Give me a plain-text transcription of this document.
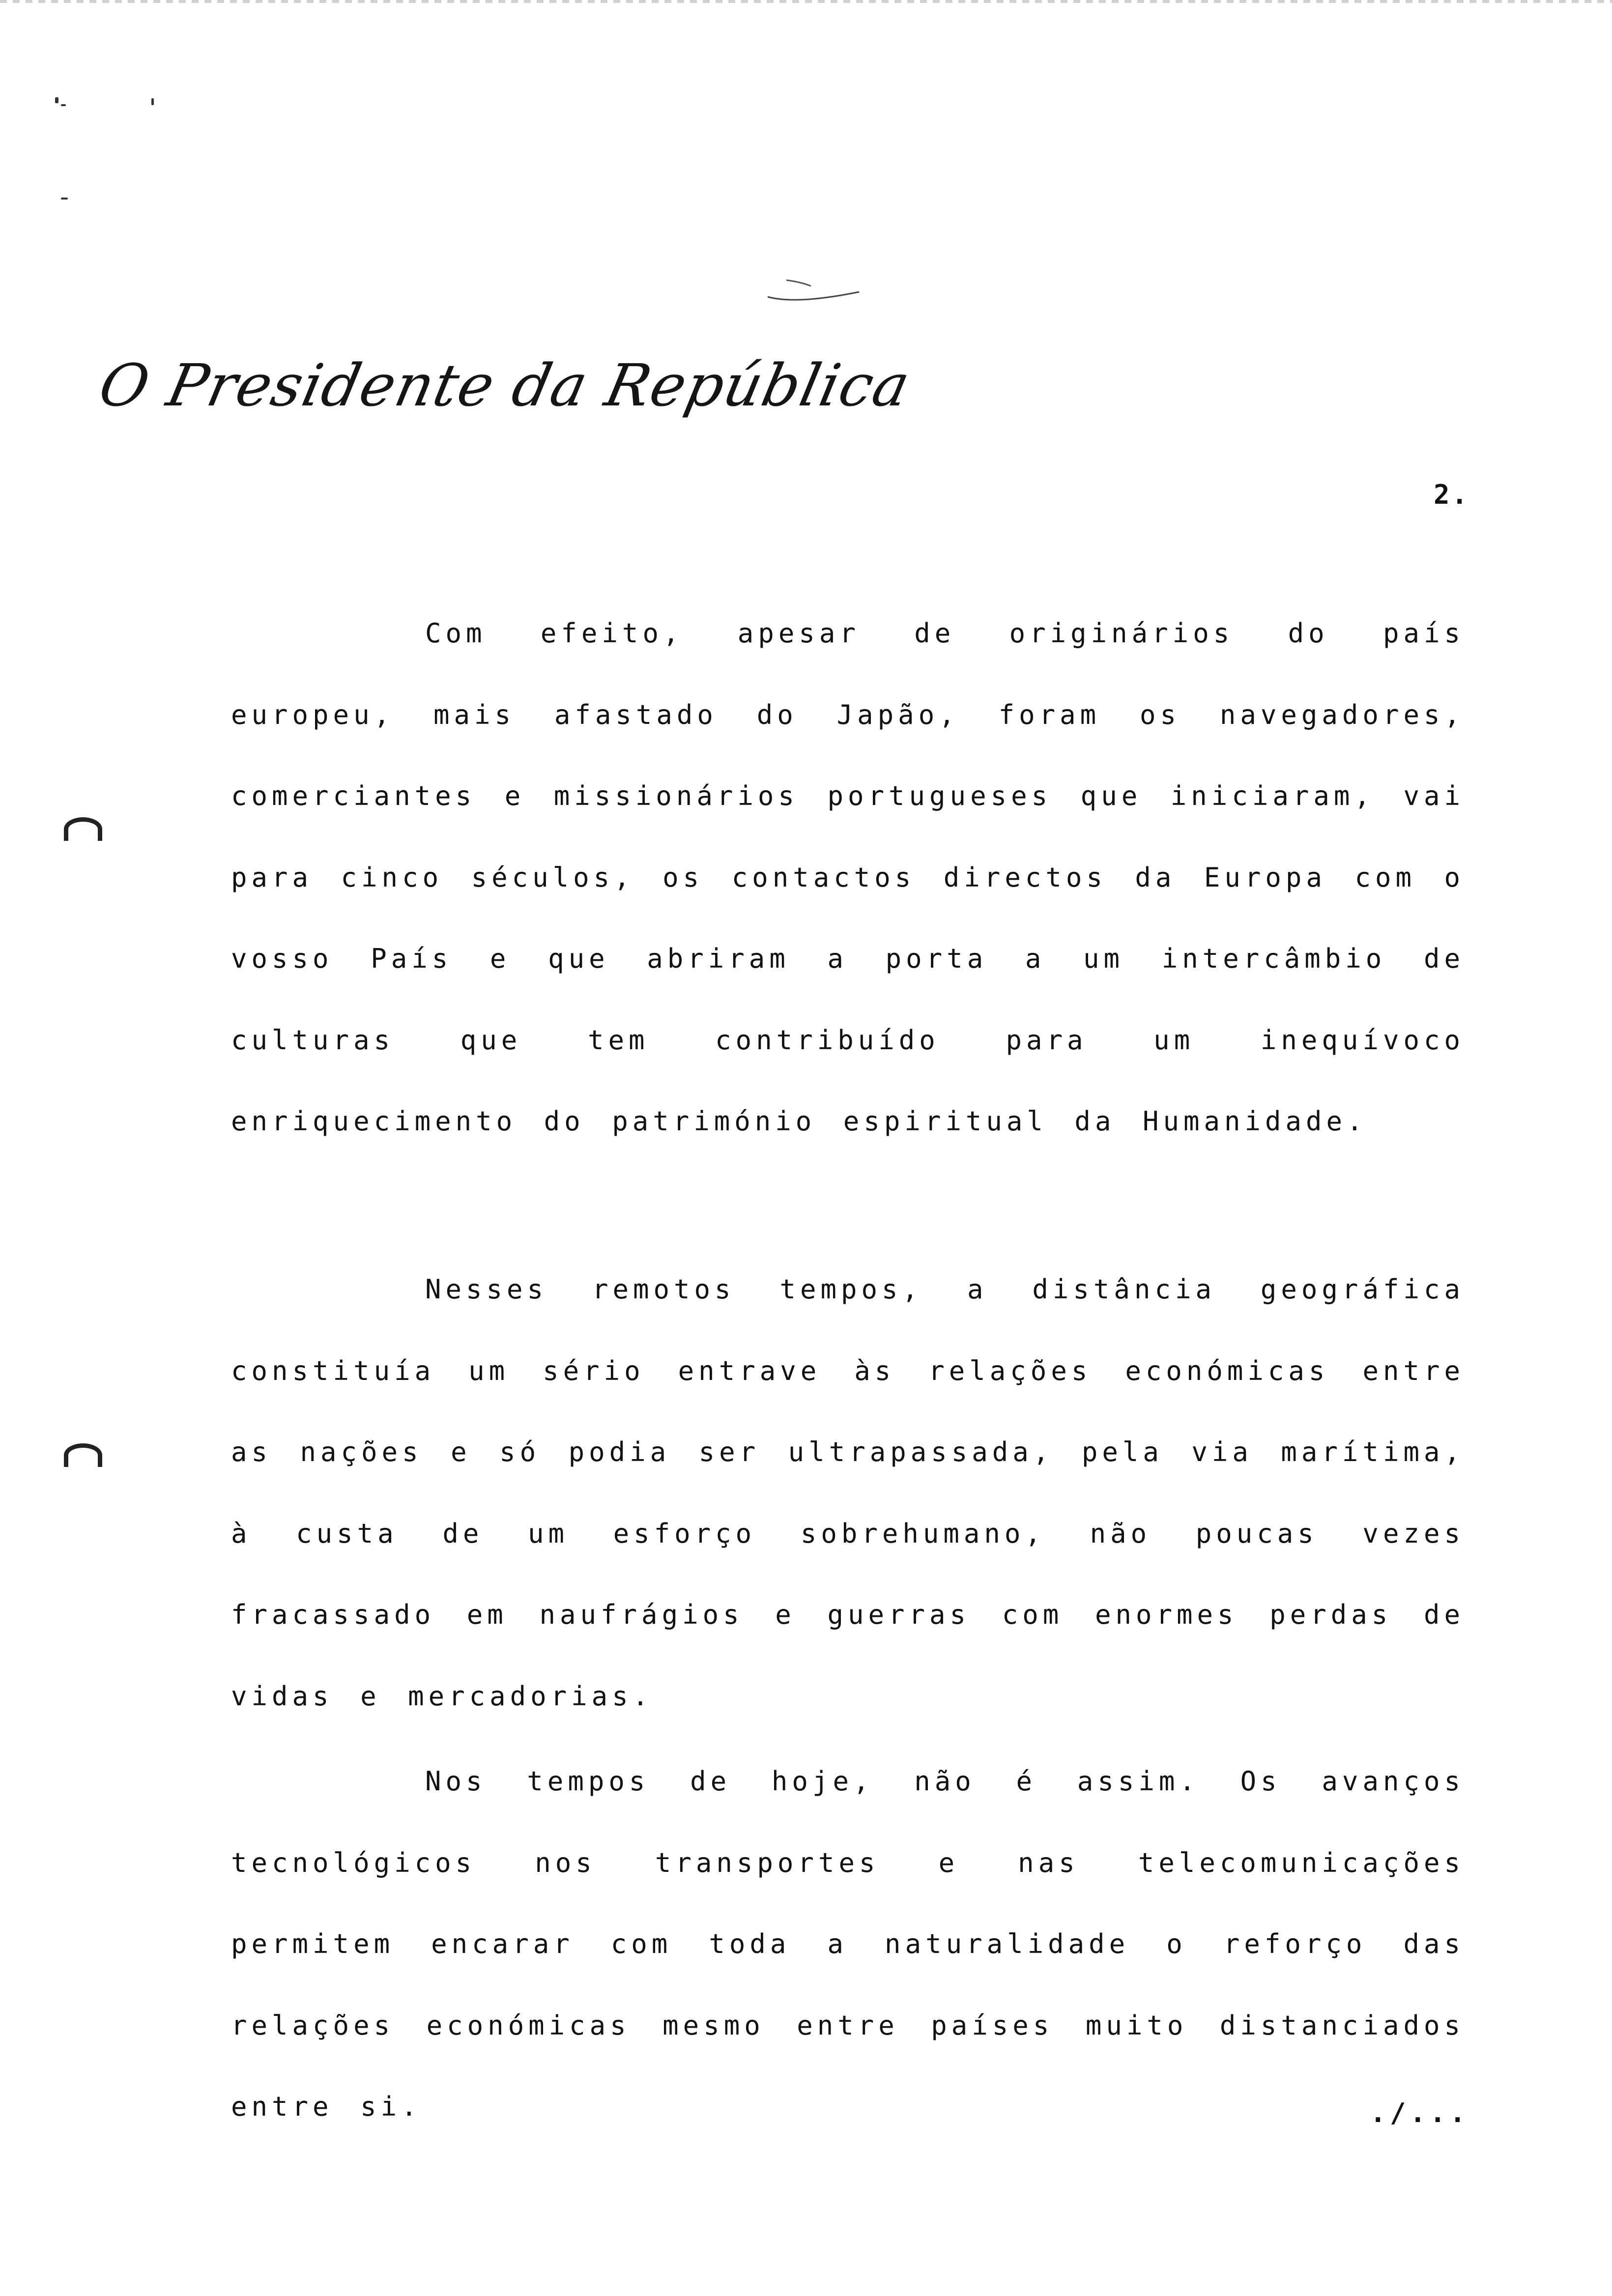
O Presidente da República
2.

Com efeito, apesar de originários do país europeu, mais afastado do Japão, foram os navegadores, comerciantes e missionários portugueses que iniciaram, vai para cinco séculos, os contactos directos da Europa com o vosso País e que abriram a porta a um intercâmbio de culturas que tem contribuído para um inequívoco enriquecimento do património espiritual da Humanidade.

Nesses remotos tempos, a distância geográfica constituía um sério entrave às relações económicas entre as nações e só podia ser ultrapassada, pela via marítima, à custa de um esforço sobrehumano, não poucas vezes fracassado em naufrágios e guerras com enormes perdas de vidas e mercadorias.

Nos tempos de hoje, não é assim. Os avanços tecnológicos nos transportes e nas telecomunicações permitem encarar com toda a naturalidade o reforço das relações económicas mesmo entre países muito distanciados entre si.	./...
